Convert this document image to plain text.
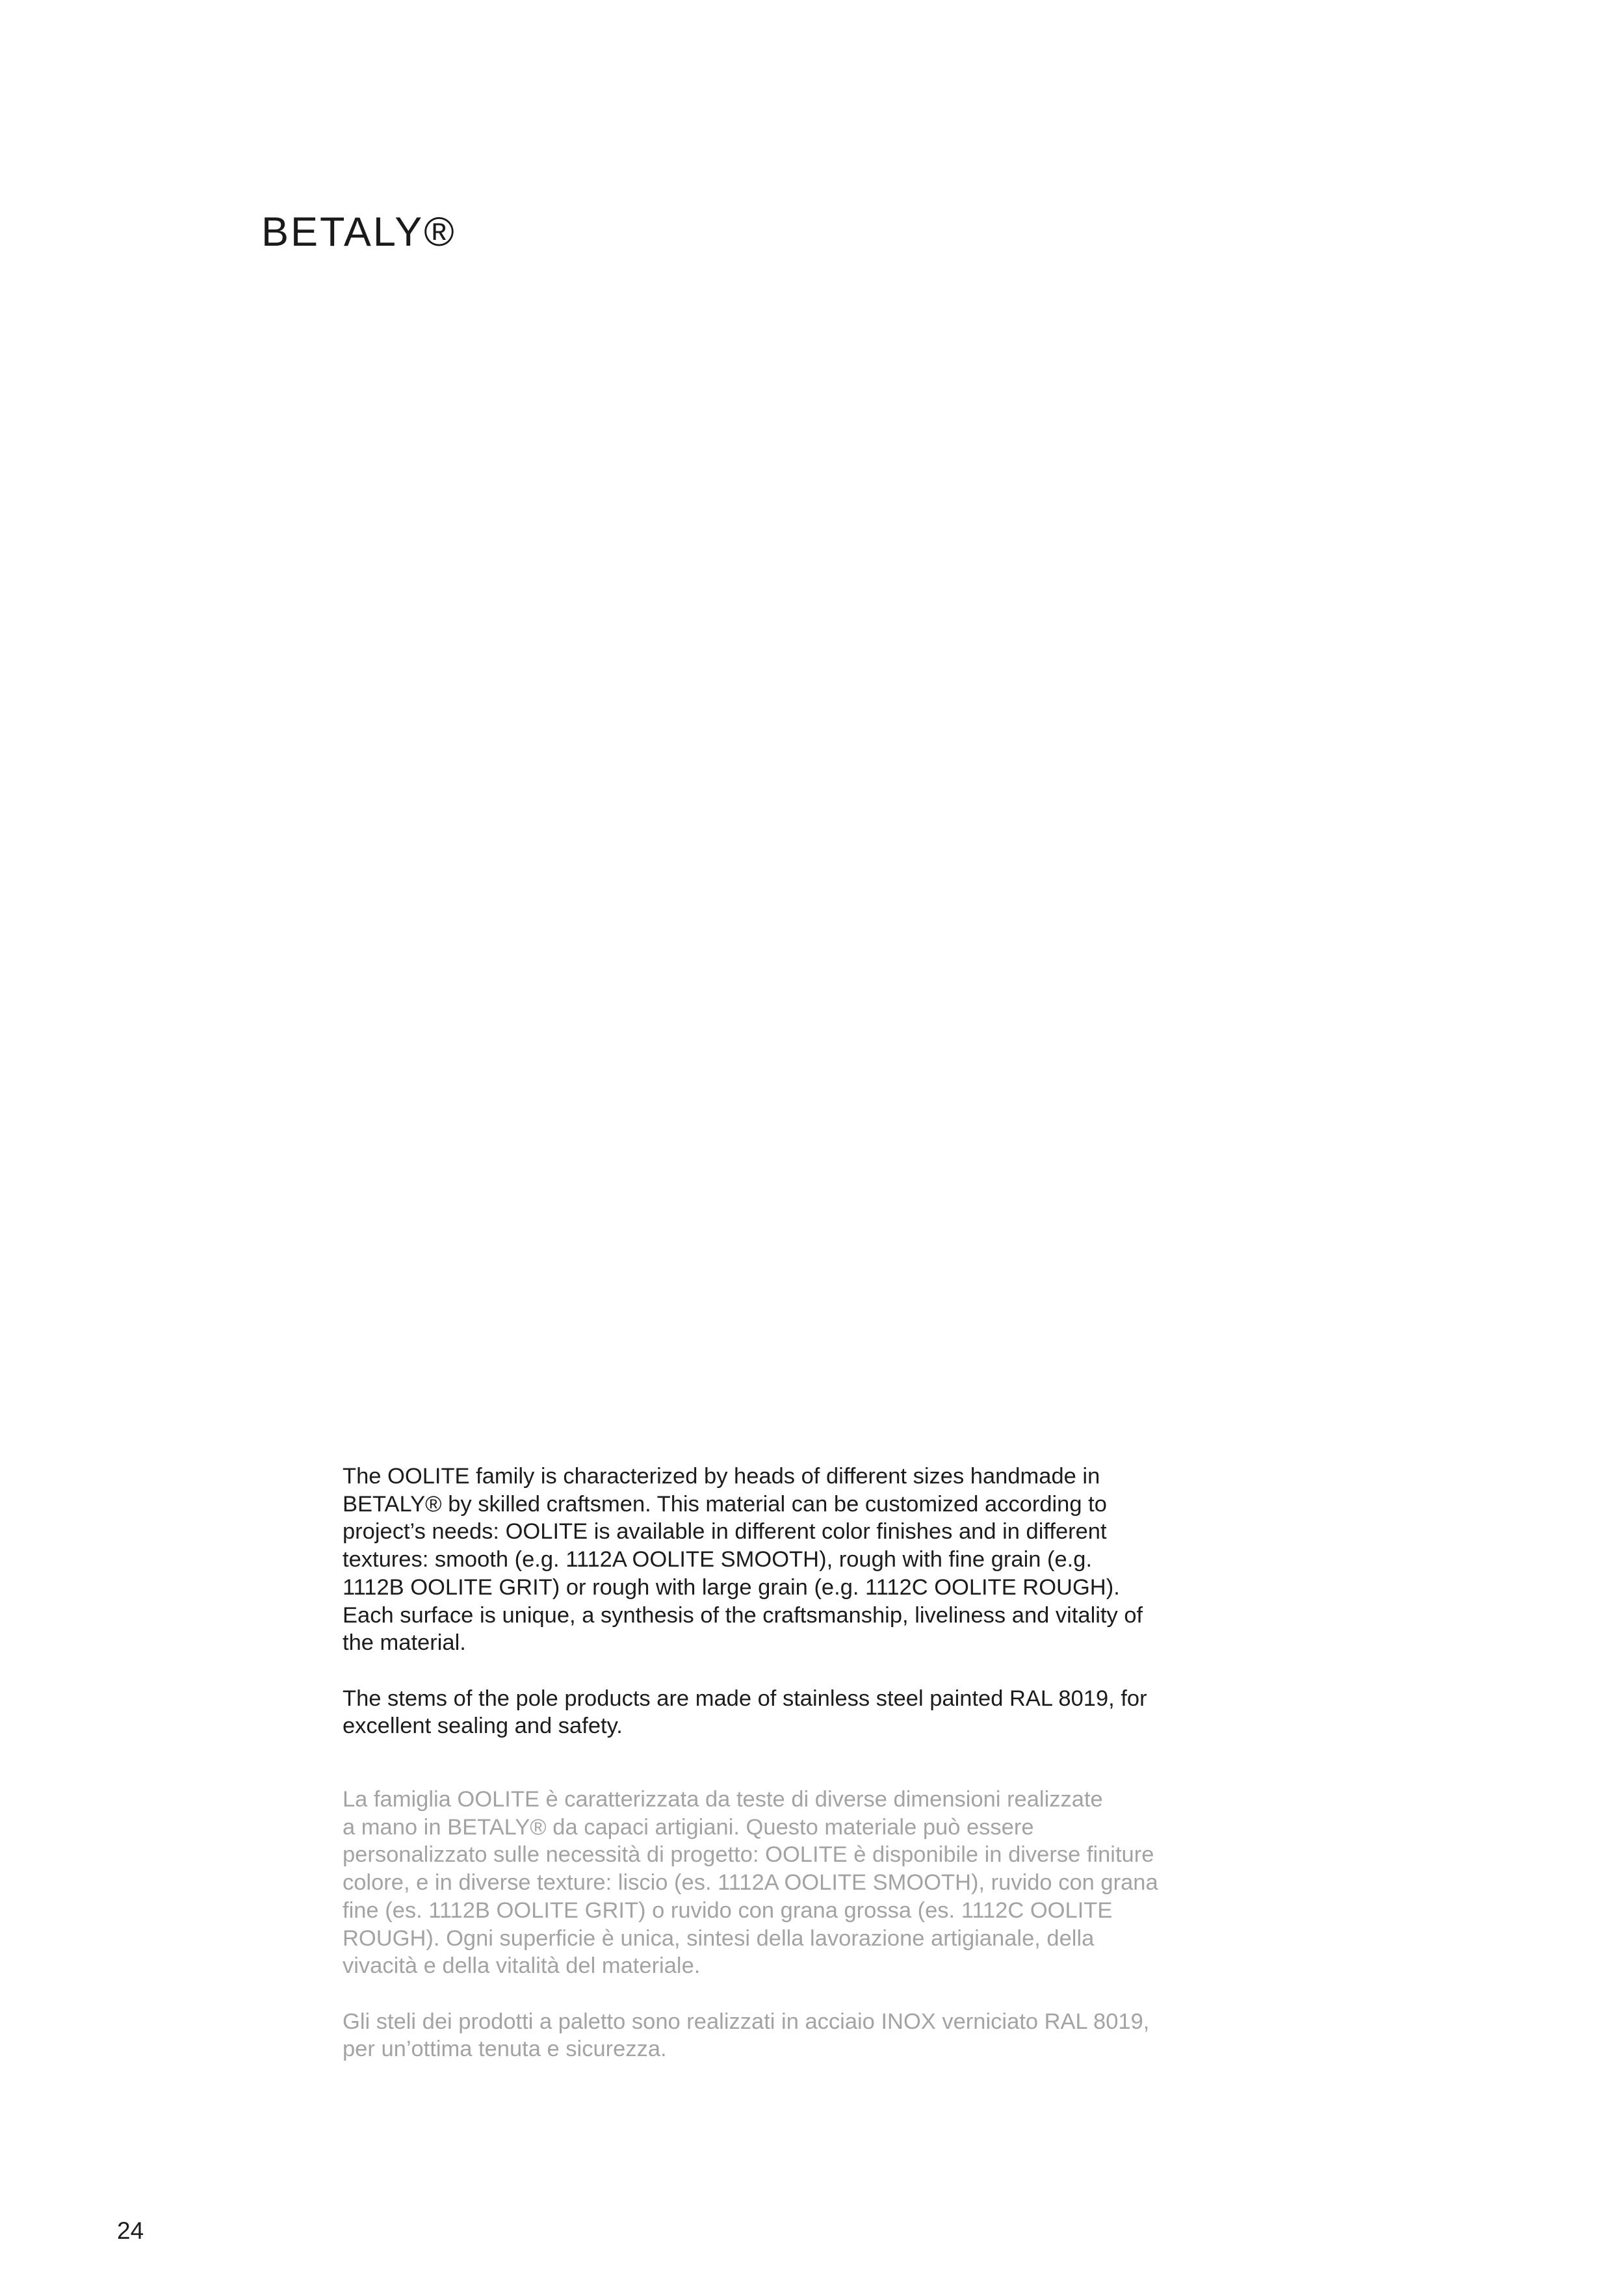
BETALY®

The OOLITE family is characterized by heads of different sizes handmade in
BETALY® by skilled craftsmen. This material can be customized according to
project’s needs: OOLITE is available in different color finishes and in different
textures: smooth (e.g. 1112A OOLITE SMOOTH), rough with fine grain (e.g.
1112B OOLITE GRIT) or rough with large grain (e.g. 1112C OOLITE ROUGH).
Each surface is unique, a synthesis of the craftsmanship, liveliness and vitality of
the material.

The stems of the pole products are made of stainless steel painted RAL 8019, for
excellent sealing and safety.

La famiglia OOLITE è caratterizzata da teste di diverse dimensioni realizzate
a mano in BETALY® da capaci artigiani. Questo materiale può essere
personalizzato sulle necessità di progetto: OOLITE è disponibile in diverse finiture
colore, e in diverse texture: liscio (es. 1112A OOLITE SMOOTH), ruvido con grana
fine (es. 1112B OOLITE GRIT) o ruvido con grana grossa (es. 1112C OOLITE
ROUGH). Ogni superficie è unica, sintesi della lavorazione artigianale, della
vivacità e della vitalità del materiale.

Gli steli dei prodotti a paletto sono realizzati in acciaio INOX verniciato RAL 8019,
per un’ottima tenuta e sicurezza.

24
